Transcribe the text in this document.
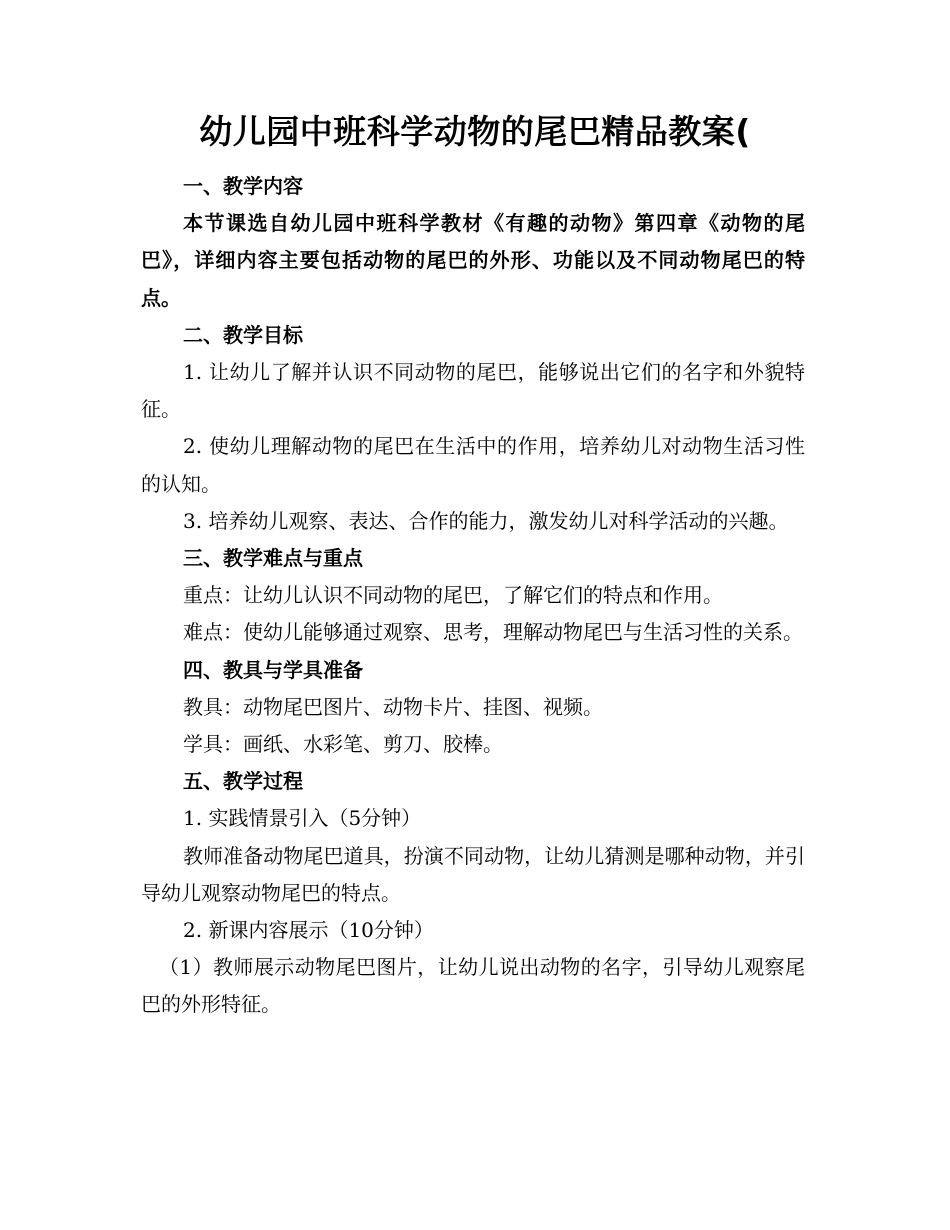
幼儿园中班科学动物的尾巴精品教案(

一、教学内容

本节课选自幼儿园中班科学教材《有趣的动物》第四章《动物的尾巴》，详细内容主要包括动物的尾巴的外形、功能以及不同动物尾巴的特点。

二、教学目标

1. 让幼儿了解并认识不同动物的尾巴，能够说出它们的名字和外貌特征。

2. 使幼儿理解动物的尾巴在生活中的作用，培养幼儿对动物生活习性的认知。

3. 培养幼儿观察、表达、合作的能力，激发幼儿对科学活动的兴趣。

三、教学难点与重点

重点：让幼儿认识不同动物的尾巴，了解它们的特点和作用。

难点：使幼儿能够通过观察、思考，理解动物尾巴与生活习性的关系。

四、教具与学具准备

教具：动物尾巴图片、动物卡片、挂图、视频。

学具：画纸、水彩笔、剪刀、胶棒。

五、教学过程

1. 实践情景引入（5分钟）

教师准备动物尾巴道具，扮演不同动物，让幼儿猜测是哪种动物，并引导幼儿观察动物尾巴的特点。

2. 新课内容展示（10分钟）

（1）教师展示动物尾巴图片，让幼儿说出动物的名字，引导幼儿观察尾巴的外形特征。
